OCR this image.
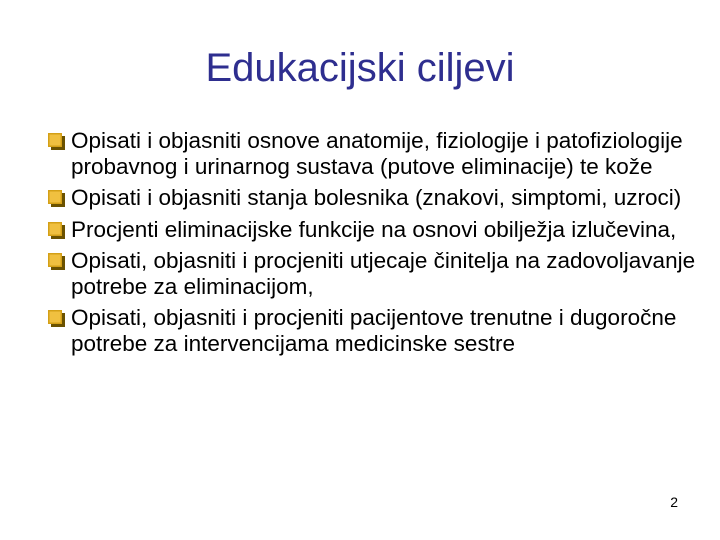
Edukacijski ciljevi
Opisati i objasniti osnove anatomije, fiziologije i patofiziologije probavnog i urinarnog sustava (putove eliminacije) te kože
Opisati i objasniti stanja bolesnika (znakovi, simptomi, uzroci)
Procjenti eliminacijske funkcije na osnovi obilježja izlučevina,
Opisati, objasniti i procjeniti utjecaje činitelja na zadovoljavanje potrebe za eliminacijom,
Opisati, objasniti i procjeniti pacijentove trenutne i dugoročne potrebe za intervencijama medicinske sestre
2
